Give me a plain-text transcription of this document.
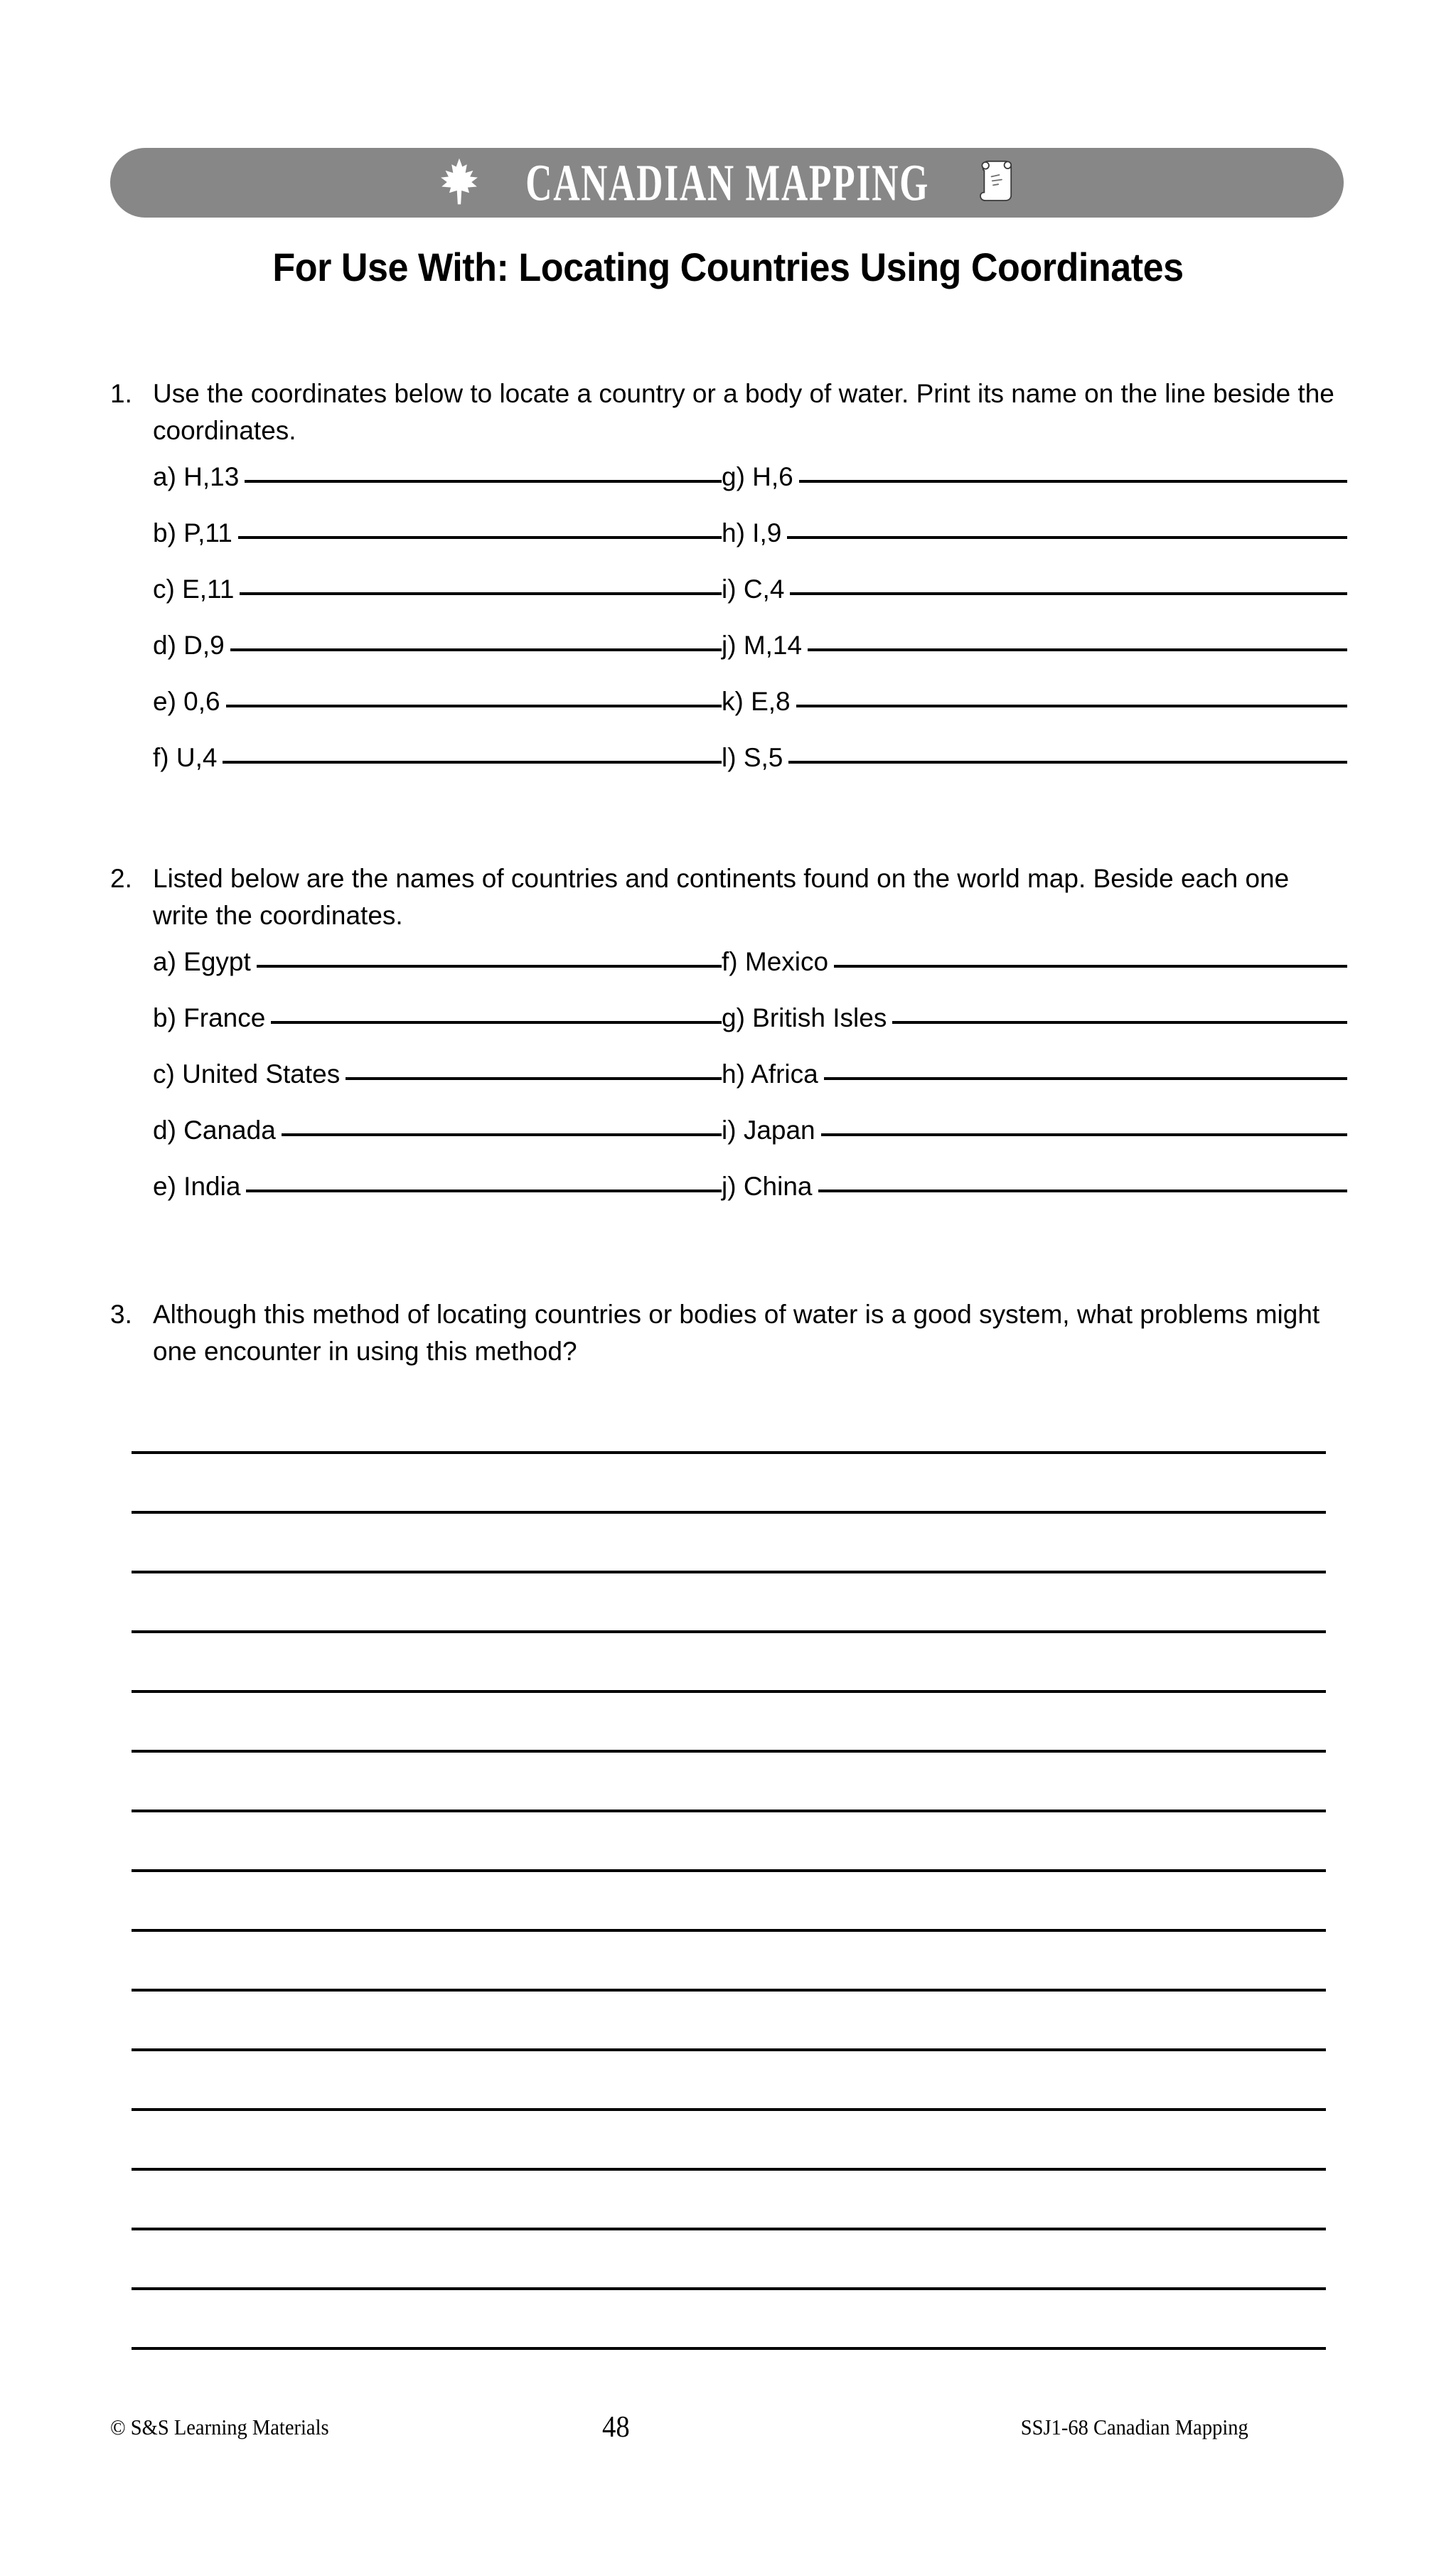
CANADIAN MAPPING
For Use With: Locating Countries Using Coordinates
1. Use the coordinates below to locate a country or a body of water. Print its name on the line beside the coordinates.
a) H,13
b) P,11
c) E,11
d) D,9
e) 0,6
f) U,4
g) H,6
h) I,9
i) C,4
j) M,14
k) E,8
l) S,5
2. Listed below are the names of countries and continents found on the world map. Beside each one write the coordinates.
a) Egypt
b) France
c) United States
d) Canada
e) India
f) Mexico
g) British Isles
h) Africa
i) Japan
j) China
3. Although this method of locating countries or bodies of water is a good system, what problems might one encounter in using this method?
© S&S Learning Materials	48	SSJ1-68 Canadian Mapping
